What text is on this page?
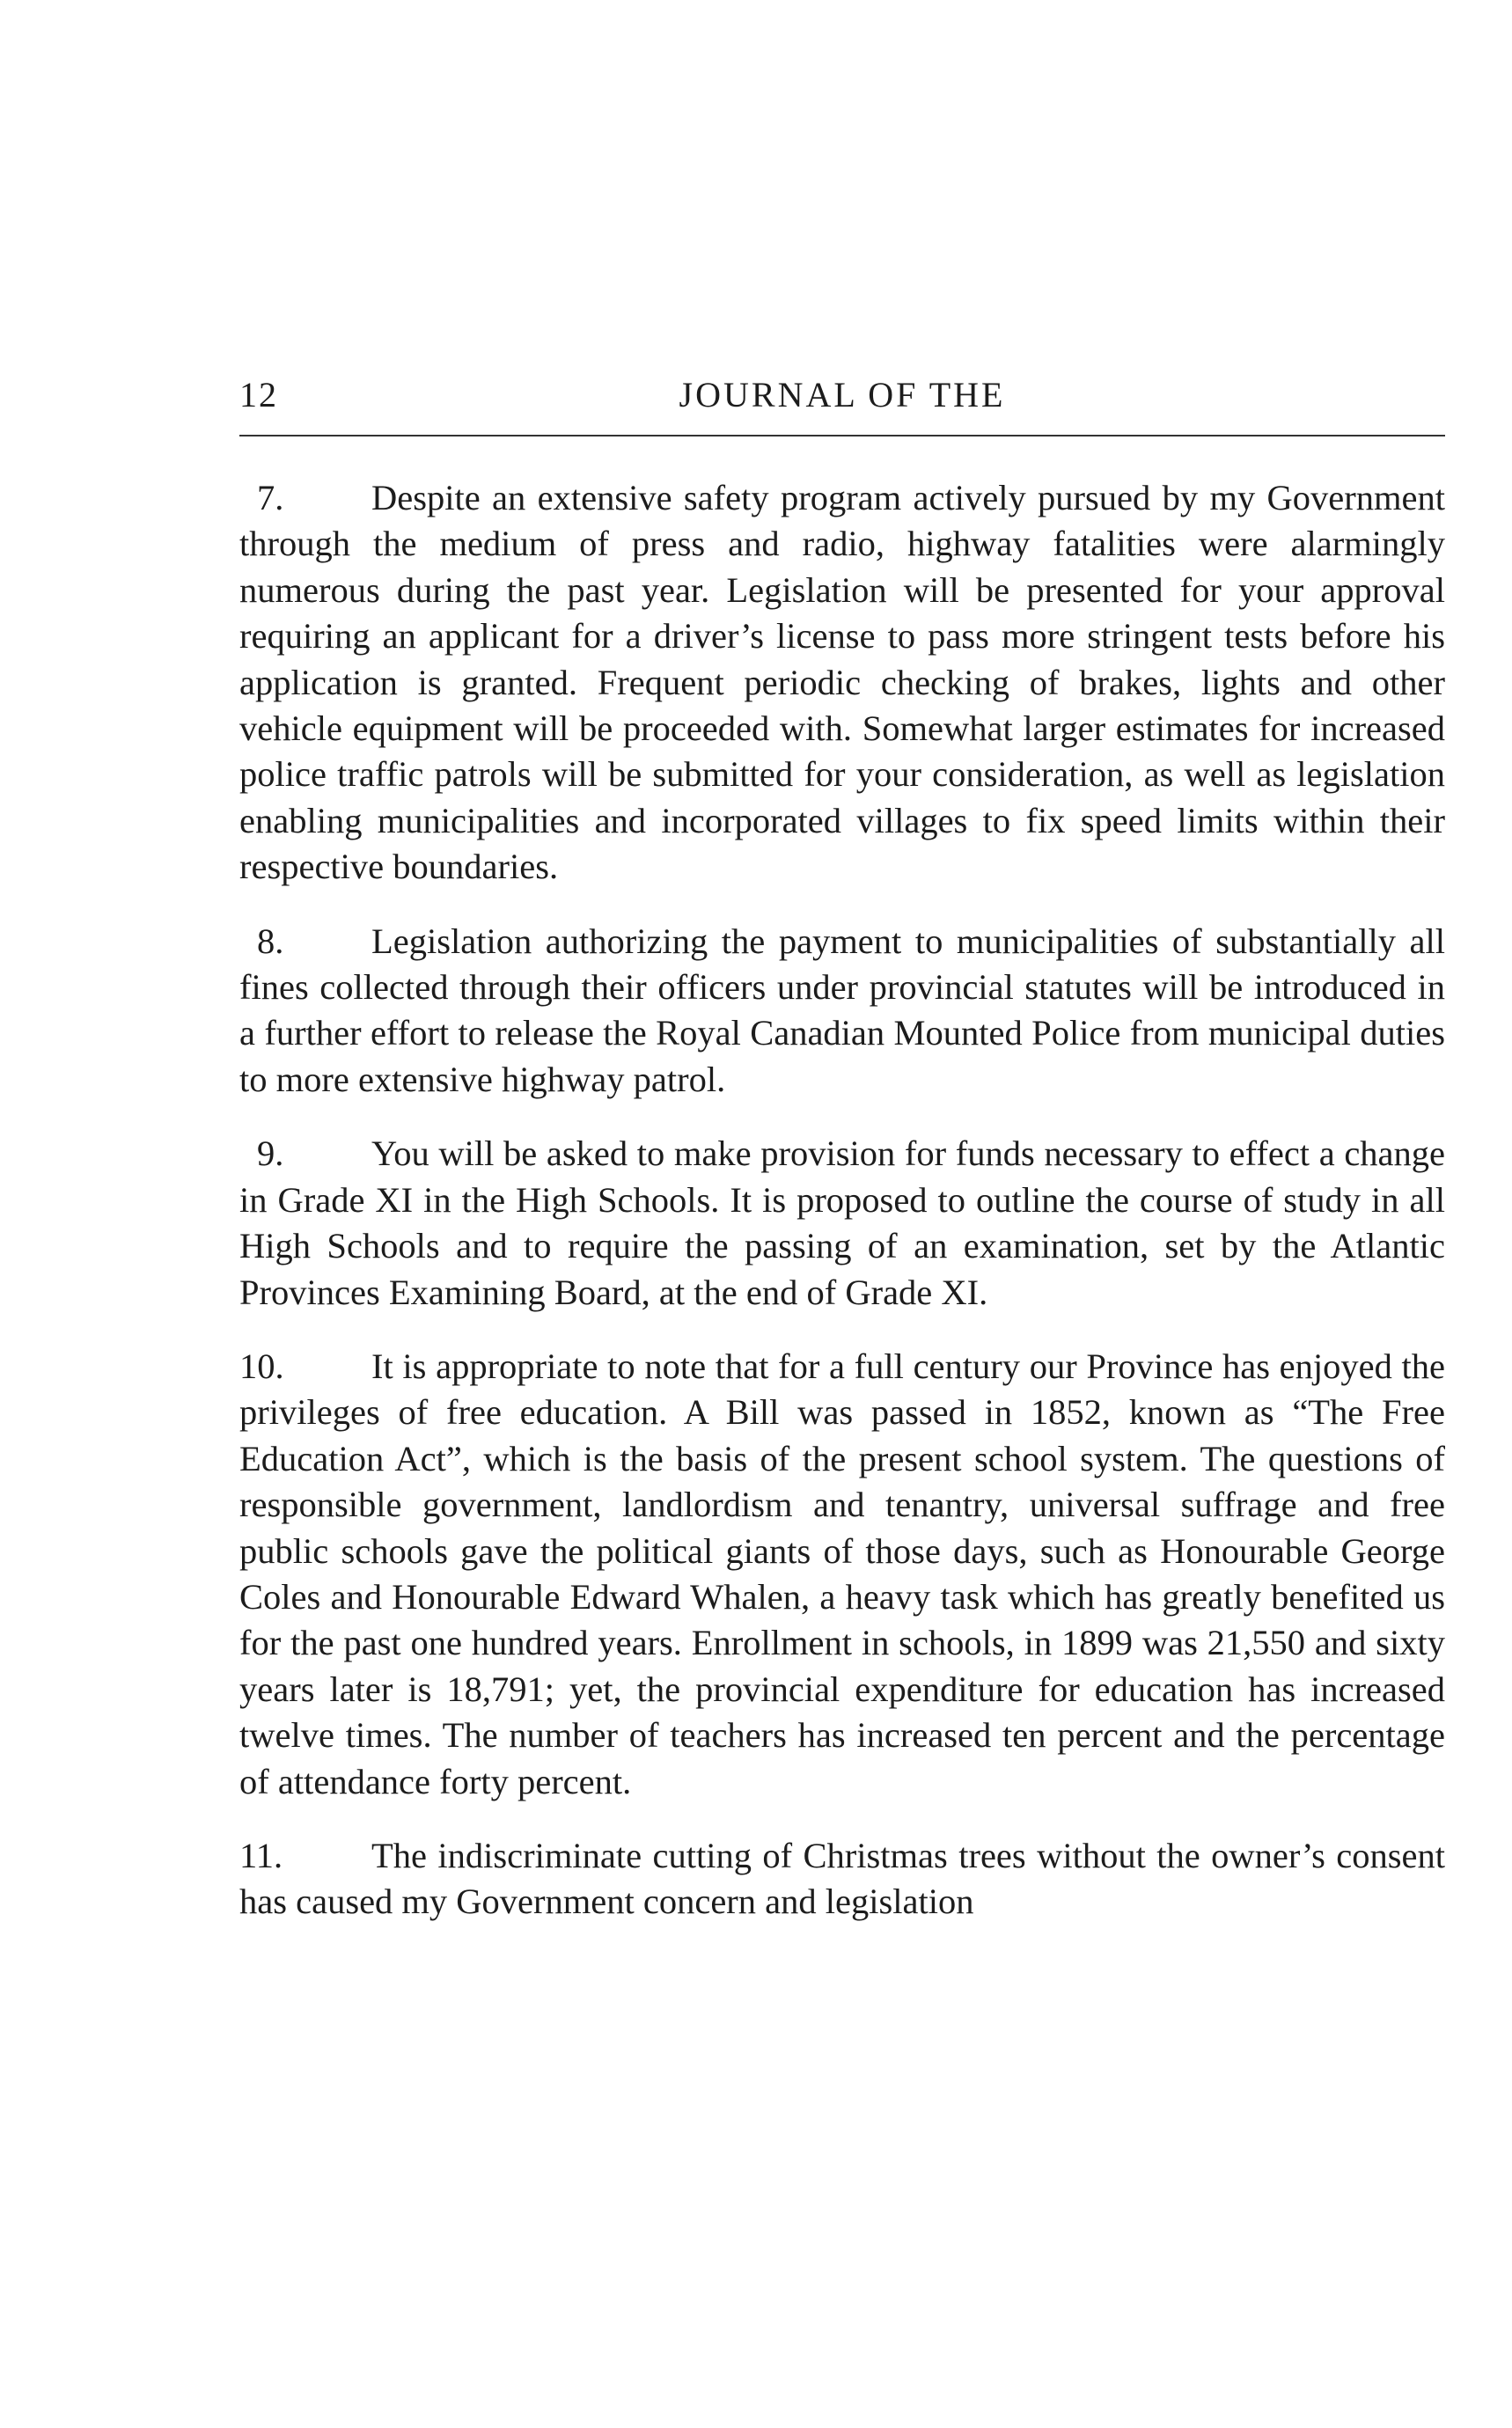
12	JOURNAL OF THE

7. Despite an extensive safety program actively pursued by my Government through the medium of press and radio, highway fatalities were alarmingly numerous during the past year. Legislation will be presented for your approval requiring an applicant for a driver’s license to pass more stringent tests before his application is granted. Frequent periodic checking of brakes, lights and other vehicle equipment will be proceeded with. Somewhat larger estimates for increased police traffic patrols will be submitted for your consideration, as well as legislation enabling municipalities and incorporated villages to fix speed limits within their respective boundaries.

8. Legislation authorizing the payment to municipalities of substantially all fines collected through their officers under provincial statutes will be introduced in a further effort to release the Royal Canadian Mounted Police from municipal duties to more extensive highway patrol.

9. You will be asked to make provision for funds necessary to effect a change in Grade XI in the High Schools. It is proposed to outline the course of study in all High Schools and to require the passing of an examination, set by the Atlantic Provinces Examining Board, at the end of Grade XI.

10. It is appropriate to note that for a full century our Province has enjoyed the privileges of free education. A Bill was passed in 1852, known as “The Free Education Act”, which is the basis of the present school system. The questions of responsible government, landlordism and tenantry, universal suffrage and free public schools gave the political giants of those days, such as Honourable George Coles and Honourable Edward Whalen, a heavy task which has greatly benefited us for the past one hundred years. Enrollment in schools, in 1899 was 21,550 and sixty years later is 18,791; yet, the provincial expenditure for education has increased twelve times. The number of teachers has increased ten percent and the percentage of attendance forty percent.

11. The indiscriminate cutting of Christmas trees without the owner’s consent has caused my Government concern and legislation
